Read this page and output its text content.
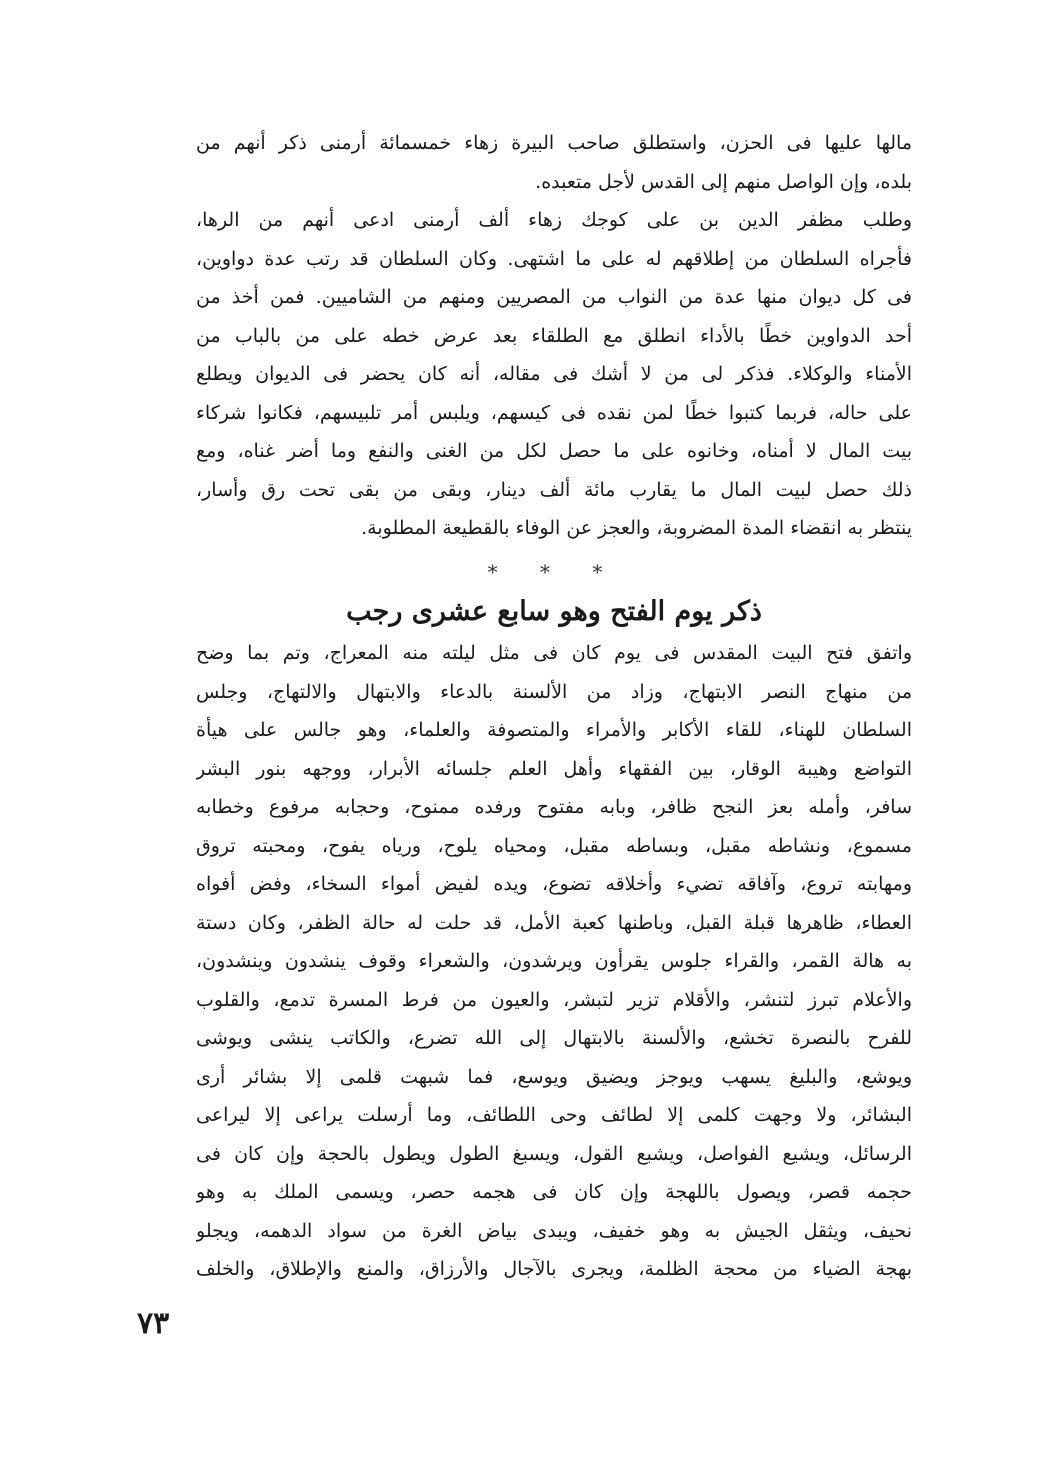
مالها عليها فى الحزن، واستطلق صاحب البيرة زهاء خمسمائة أرمنى ذكر أنهم من
بلده، وإن الواصل منهم إلى القدس لأجل متعبده.
وطلب مظفر الدين بن على كوجك زهاء ألف أرمنى ادعى أنهم من الرها،
فأجراه السلطان من إطلاقهم له على ما اشتهى. وكان السلطان قد رتب عدة دواوين،
فى كل ديوان منها عدة من النواب من المصريين ومنهم من الشاميين. فمن أخذ من
أحد الدواوين خطًا بالأداء انطلق مع الطلقاء بعد عرض خطه على من بالباب من
الأمناء والوكلاء. فذكر لى من لا أشك فى مقاله، أنه كان يحضر فى الديوان ويطلع
على حاله، فربما كتبوا خطًا لمن نقده فى كيسهم، ويلبس أمر تلبيسهم، فكانوا شركاء
بيت المال لا أمناه، وخانوه على ما حصل لكل من الغنى والنفع وما أضر غناه، ومع
ذلك حصل لبيت المال ما يقارب مائة ألف دينار، وبقى من بقى تحت رق وأسار،
ينتظر به انقضاء المدة المضروبة، والعجز عن الوفاء بالقطيعة المطلوبة.
* * *
ذكر يوم الفتح وهو سابع عشرى رجب
واتفق فتح البيت المقدس فى يوم كان فى مثل ليلته منه المعراج، وتم بما وضح
من منهاج النصر الابتهاج، وزاد من الألسنة بالدعاء والابتهال والالتهاج، وجلس
السلطان للهناء، للقاء الأكابر والأمراء والمتصوفة والعلماء، وهو جالس على هيأة
التواضع وهيبة الوقار، بين الفقهاء وأهل العلم جلسائه الأبرار، ووجهه بنور البشر
سافر، وأمله بعز النجح ظافر، وبابه مفتوح ورفده ممنوح، وحجابه مرفوع وخطابه
مسموع، ونشاطه مقبل، وبساطه مقبل، ومحياه يلوح، ورياه يفوح، ومحبته تروق
ومهابته تروع، وآفاقه تضيء وأخلاقه تضوع، ويده لفيض أمواء السخاء، وفض أفواه
العطاء، ظاهرها قبلة القبل، وباطنها كعبة الأمل، قد حلت له حالة الظفر، وكان دستة
به هالة القمر، والقراء جلوس يقرأون ويرشدون، والشعراء وقوف ينشدون وينشدون،
والأعلام تبرز لتنشر، والأقلام تزير لتبشر، والعيون من فرط المسرة تدمع، والقلوب
للفرح بالنصرة تخشع، والألسنة بالابتهال إلى الله تضرع، والكاتب ينشى ويوشى
ويوشع، والبليغ يسهب ويوجز ويضيق ويوسع، فما شبهت قلمى إلا بشائر أرى
البشائر، ولا وجهت كلمى إلا لطائف وحى اللطائف، وما أرسلت يراعى إلا ليراعى
الرسائل، ويشيع الفواصل، ويشبع القول، ويسبغ الطول ويطول بالحجة وإن كان فى
حجمه قصر، ويصول باللهجة وإن كان فى هجمه حصر، ويسمى الملك به وهو
نحيف، ويثقل الجيش به وهو خفيف، ويبدى بياض الغرة من سواد الدهمه، ويجلو
بهجة الضياء من محجة الظلمة، ويجرى بالآجال والأرزاق، والمنع والإطلاق، والخلف
٧٣
